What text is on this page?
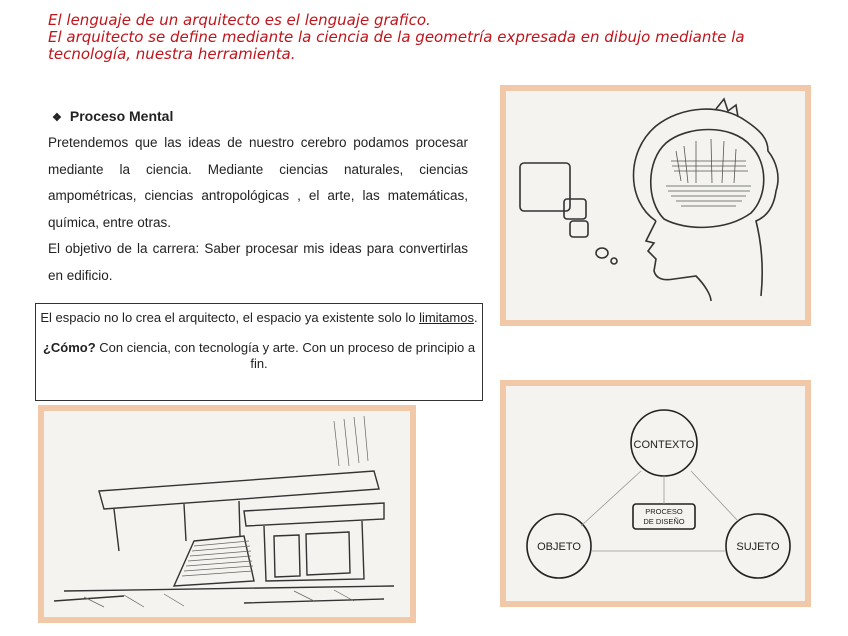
El lenguaje de un arquitecto es el lenguaje grafico.
El arquitecto se define mediante la ciencia de la geometría expresada en dibujo mediante la
tecnología, nuestra herramienta.
❖ Proceso Mental

Pretendemos que las ideas de nuestro cerebro podamos procesar mediante la ciencia. Mediante ciencias naturales, ciencias ampométricas, ciencias antropológicas , el arte, las matemáticas, química, entre otras.

El objetivo de la carrera: Saber procesar mis ideas para convertirlas en edificio.

El espacio no lo crea el arquitecto, el espacio ya existente solo lo limitamos.
¿Cómo? Con ciencia, con tecnología y arte. Con un proceso de principio a fin.
CONTEXTO
OBJETO	SUJETO
PROCESO
DE DISEÑO
